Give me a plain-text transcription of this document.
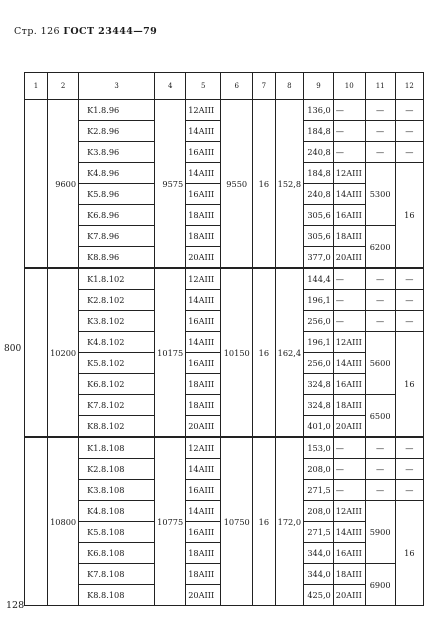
Стр. 126 ГОСТ 23444—79
800
1	2	3	4	5	6	7	8	9	10	11	12
	9600	K1.8.96	9575	12AIII	9550	16	152,8	136,0	—	—	—
		K2.8.96		14AIII				184,8	—	—	—
		K3.8.96		16AIII				240,8	—	—	—
		K4.8.96		14AIII				184,8	12AIII	5300	16
		K5.8.96		16AIII				240,8	14AIII		
		K6.8.96		18AIII				305,6	16AIII		
		K7.8.96		18AIII				305,6	18AIII	6200	
		K8.8.96		20AIII				377,0	20AIII		
	10200	K1.8.102	10175	12AIII	10150	16	162,4	144,4	—	—	—
		K2.8.102		14AIII				196,1	—	—	—
		K3.8.102		16AIII				256,0	—	—	—
		K4.8.102		14AIII				196,1	12AIII	5600	16
		K5.8.102		16AIII				256,0	14AIII		
		K6.8.102		18AIII				324,8	16AIII		
		K7.8.102		18AIII				324,8	18AIII	6500	
		K8.8.102		20AIII				401,0	20AIII		
	10800	K1.8.108	10775	12AIII	10750	16	172,0	153,0	—	—	—
		K2.8.108		14AIII				208,0	—	—	—
		K3.8.108		16AIII				271,5	—	—	—
		K4.8.108		14AIII				208,0	12AIII	5900	16
		K5.8.108		16AIII				271,5	14AIII		
		K6.8.108		18AIII				344,0	16AIII		
		K7.8.108		18AIII				344,0	18AIII	6900	
		K8.8.108		20AIII				425,0	20AIII		
128
